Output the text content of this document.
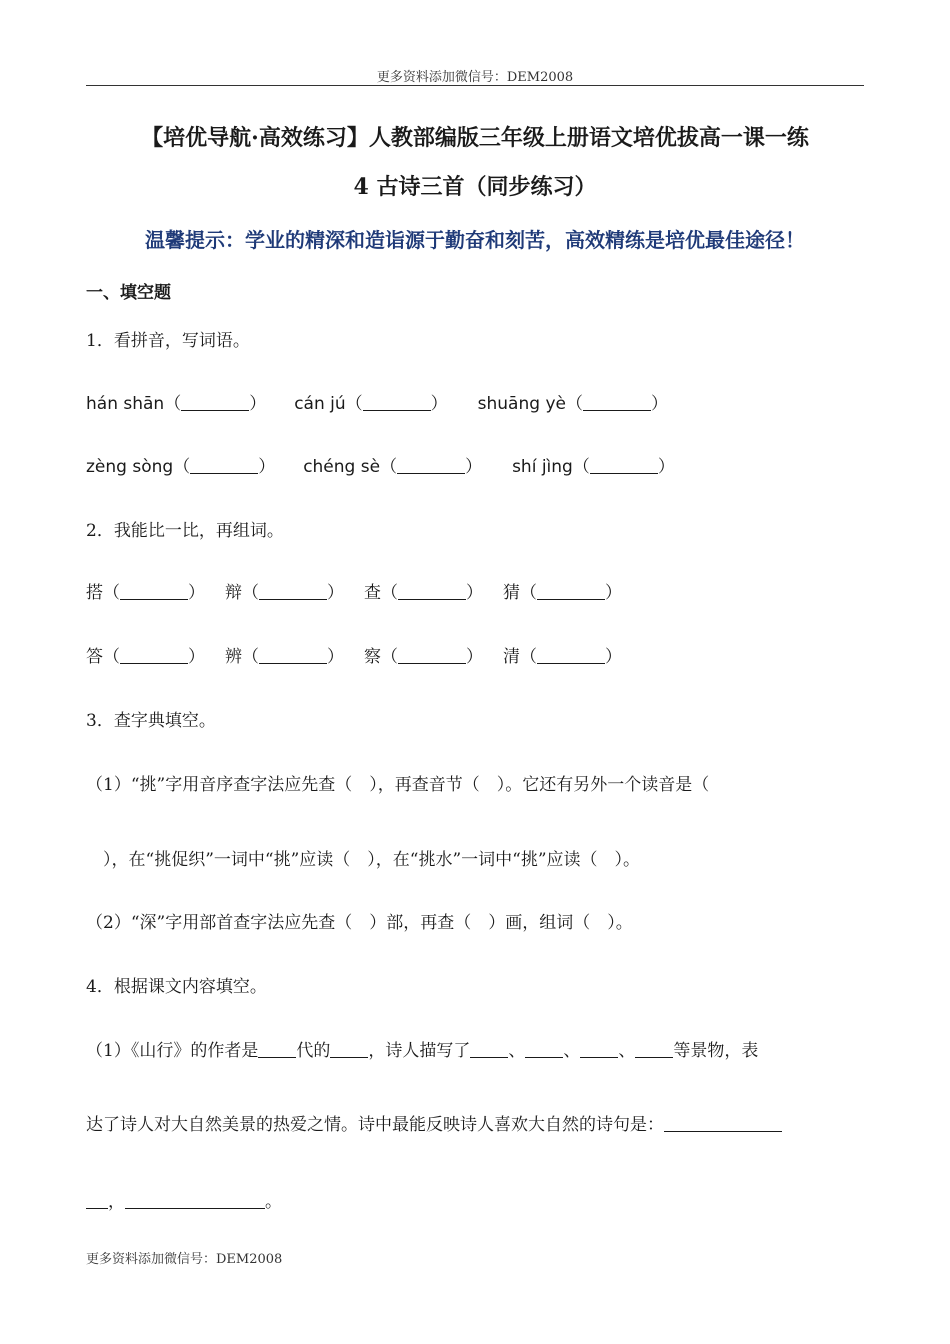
更多资料添加微信号：DEM2008
【培优导航·高效练习】人教部编版三年级上册语文培优拔高一课一练
4 古诗三首（同步练习）
温馨提示：学业的精深和造诣源于勤奋和刻苦，高效精练是培优最佳途径！
一、填空题
1．看拼音，写词语。
hán shān（	） cán jú（	） shuāng yè（	）
zèng sòng（	） chéng sè（	） shí jìng（	）
2．我能比一比，再组词。
搭（	） 辩（	） 查（	） 猜（	）
答（	） 辨（	） 察（	） 清（	）
3．查字典填空。
（1）“挑”字用音序查字法应先查（　），再查音节（　）。它还有另外一个读音是（
　），在“挑促织”一词中“挑”应读（　），在“挑水”一词中“挑”应读（　）。
（2）“深”字用部首查字法应先查（　）部，再查（　）画，组词（　）。
4．根据课文内容填空。
（1）《山行》的作者是 代的 ，诗人描写了 、 、 、 等景物，表
达了诗人对大自然美景的热爱之情。诗中最能反映诗人喜欢大自然的诗句是：
，	。
更多资料添加微信号：DEM2008
